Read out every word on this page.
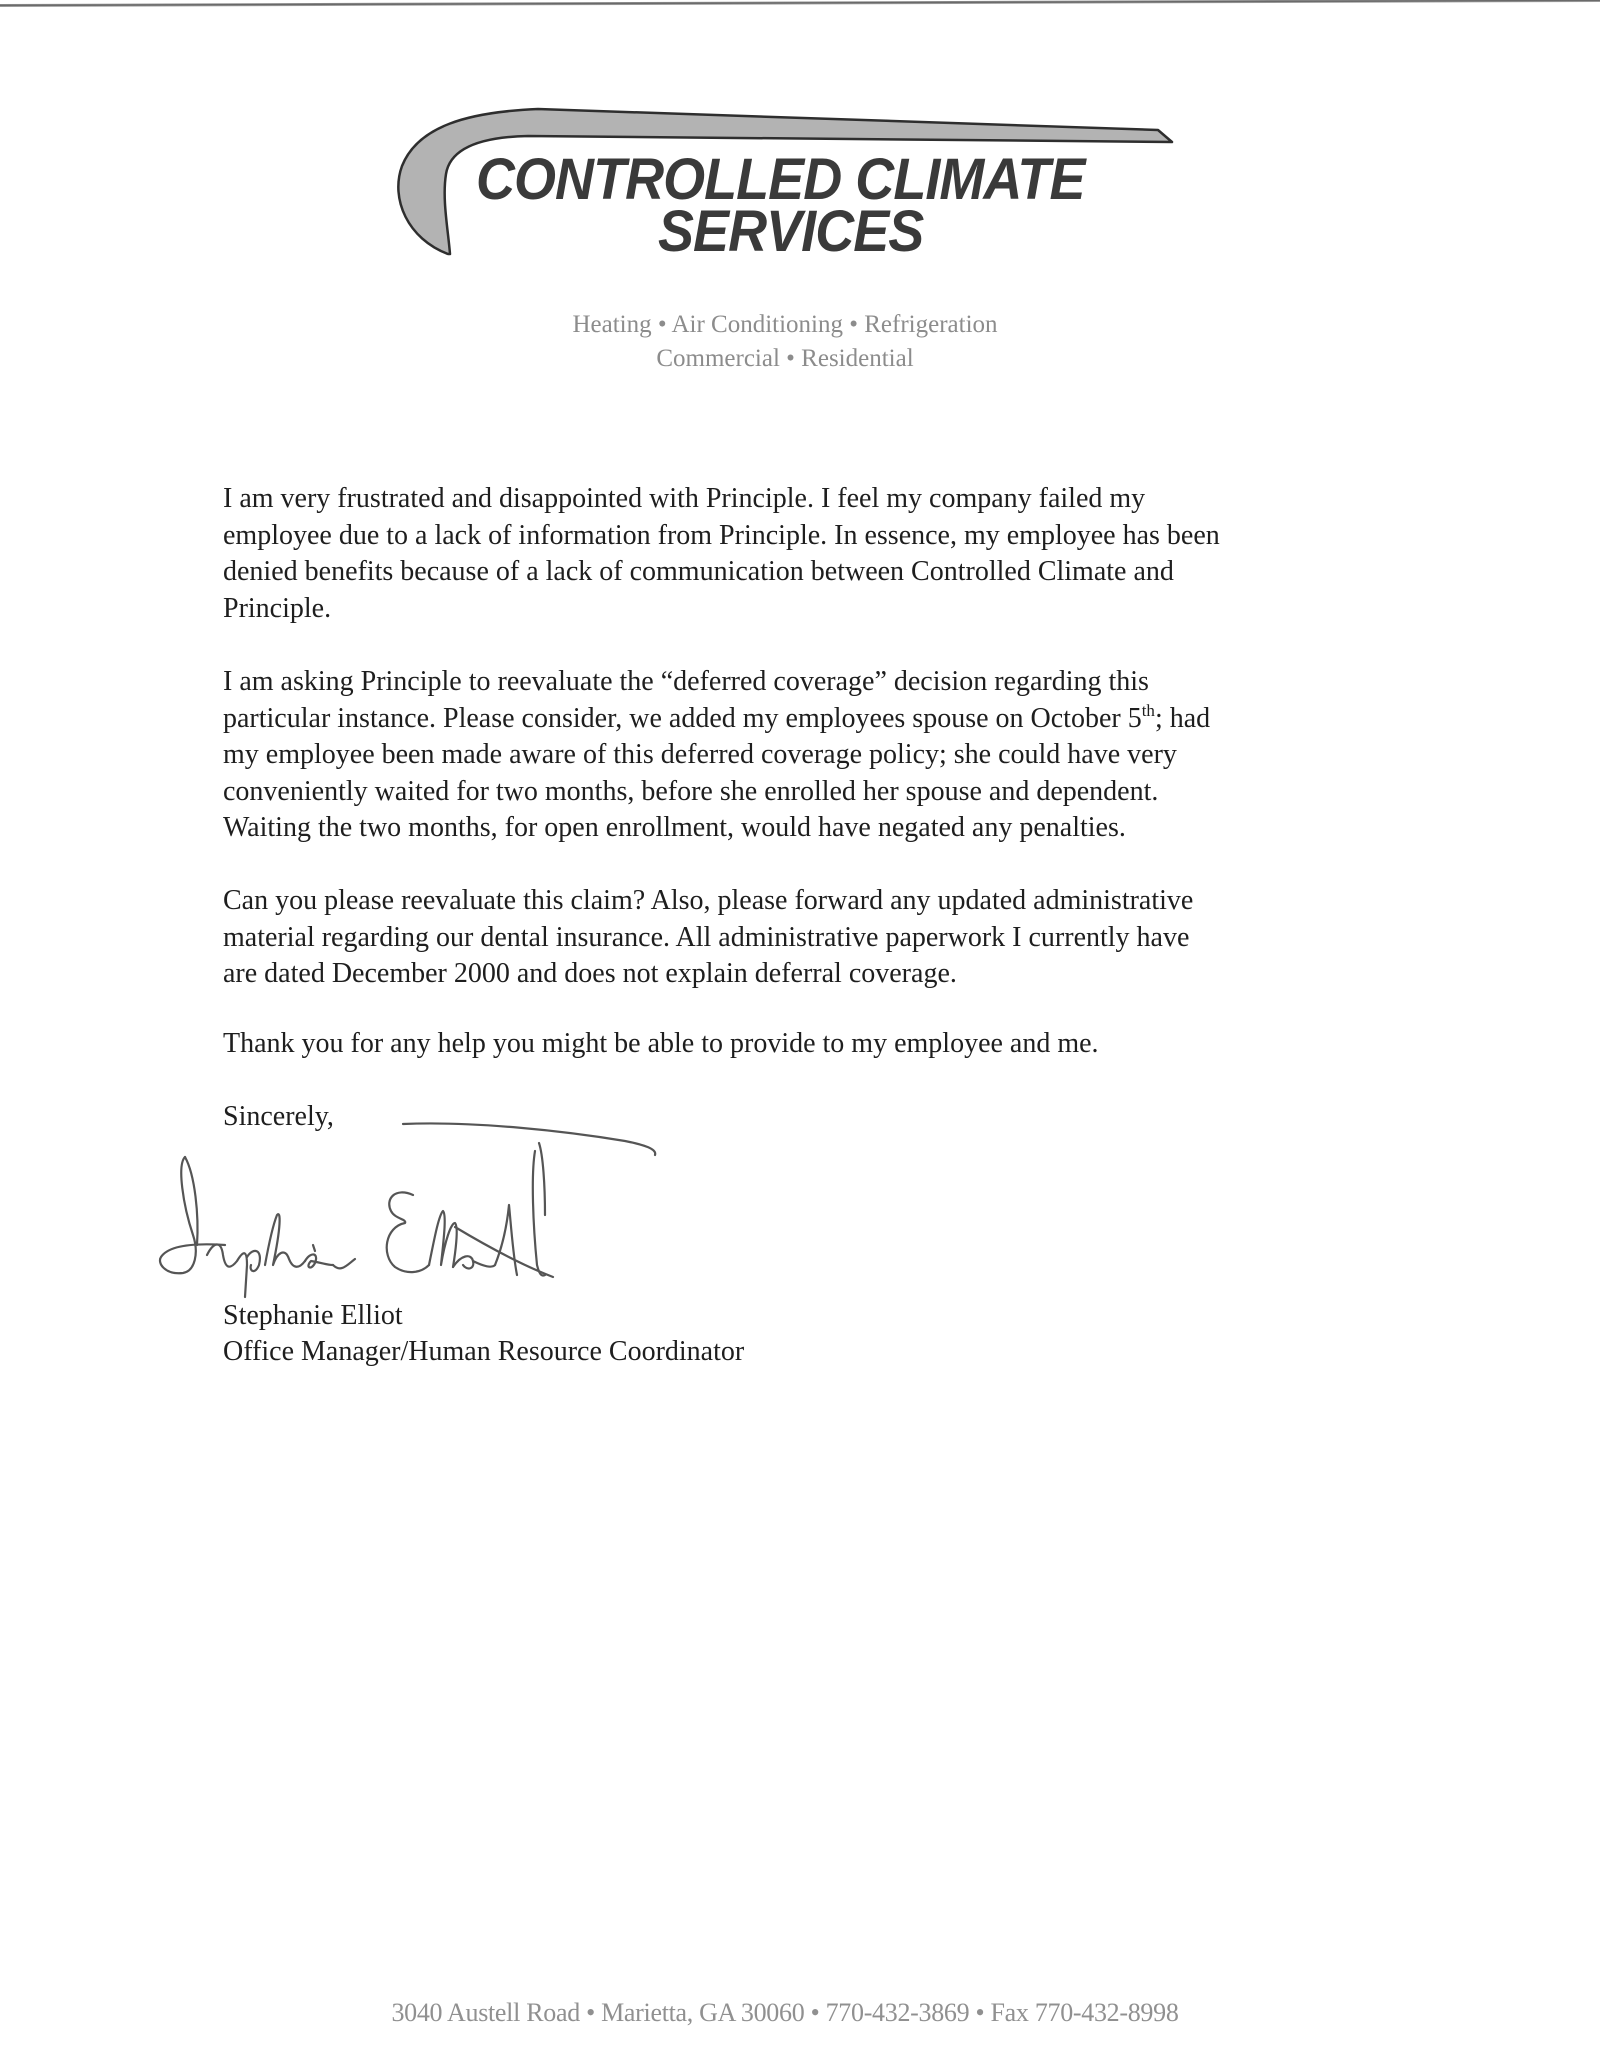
CONTROLLED CLIMATE
SERVICES
Heating • Air Conditioning • Refrigeration
Commercial • Residential

I am very frustrated and disappointed with Principle. I feel my company failed my

employee due to a lack of information from Principle. In essence, my employee has been

denied benefits because of a lack of communication between Controlled Climate and

Principle.

I am asking Principle to reevaluate the “deferred coverage” decision regarding this

particular instance. Please consider, we added my employees spouse on October 5th; had

my employee been made aware of this deferred coverage policy; she could have very

conveniently waited for two months, before she enrolled her spouse and dependent.

Waiting the two months, for open enrollment, would have negated any penalties.

Can you please reevaluate this claim? Also, please forward any updated administrative

material regarding our dental insurance. All administrative paperwork I currently have

are dated December 2000 and does not explain deferral coverage.

Thank you for any help you might be able to provide to my employee and me.

Sincerely,

Stephanie Elliot

Office Manager/Human Resource Coordinator

3040 Austell Road • Marietta, GA 30060 • 770-432-3869 • Fax 770-432-8998
